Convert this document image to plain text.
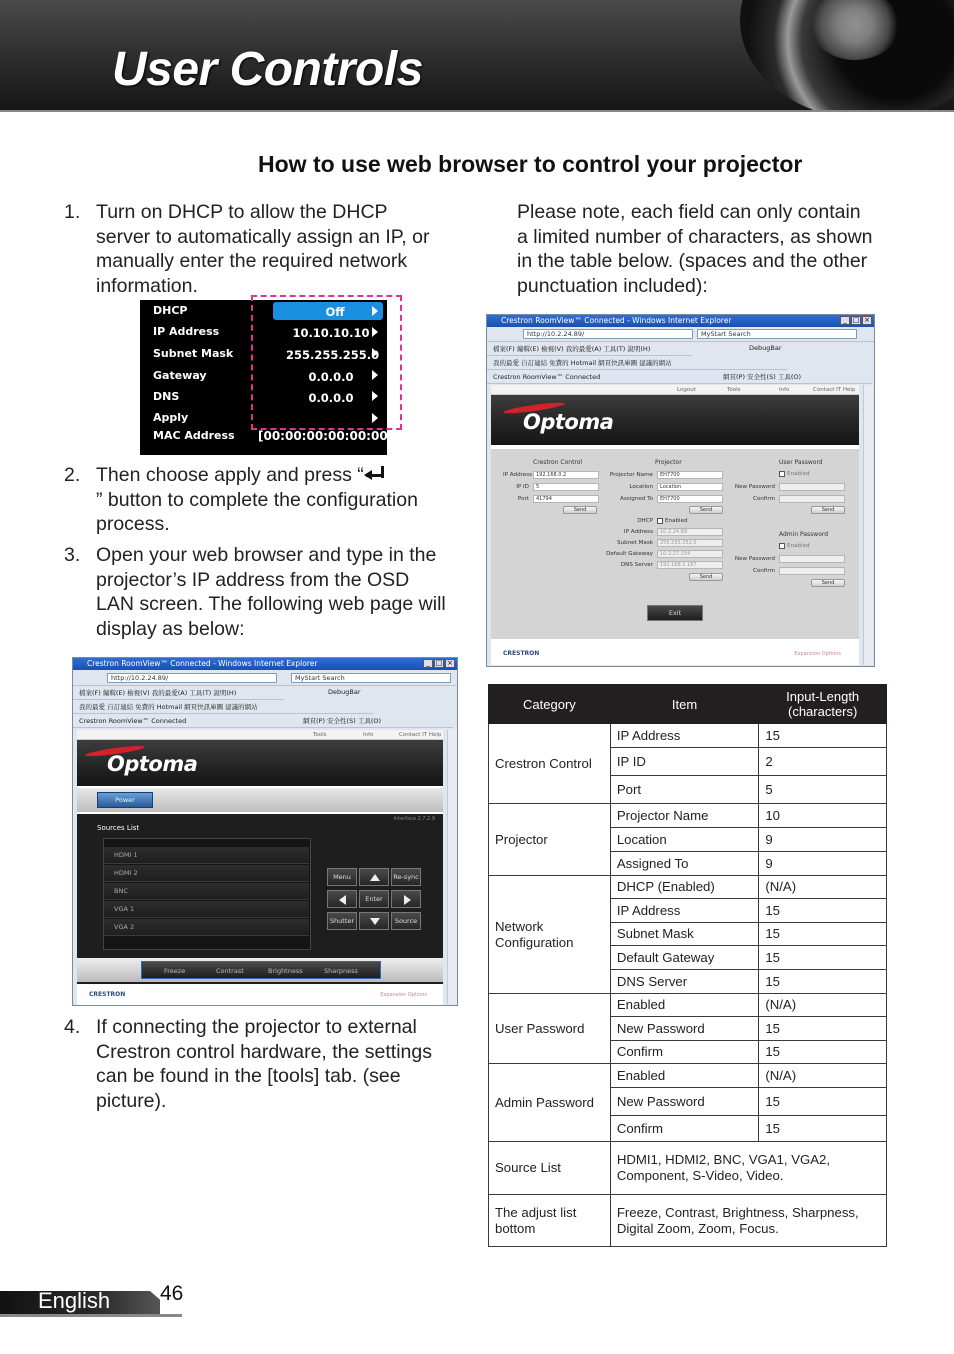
User Controls
How to use web browser to control your projector
1. Turn on DHCP to allow the DHCP
server to automatically assign an IP, or
manually enter the required network
information.
DHCP	Off
IP Address	10.10.10.10
Subnet Mask	255.255.255.0
Gateway	0.0.0.0
DNS	0.0.0.0
Apply
MAC Address [00:00:00:00:00:00]
2. Then choose apply and press “
” button to complete the configuration
process.
3. Open your web browser and type in the
projector’s IP address from the OSD
LAN screen. The following web page will
display as below:
Crestron RoomView™ Connected - Windows Internet Explorer	_ □ ×
http://10.2.24.89/	MyStart Search
檔案(F) 編輯(E) 檢視(V) 我的最愛(A) 工具(T) 說明(H)	DebugBar
我的最愛 自訂連結 免費的 Hotmail 網頁快訊庫圖 建議的網站
Crestron RoomView™ Connected	網頁(P) 安全性(S) 工具(O)
Tools	Info	Contact IT Help
Optoma
Power
Interface 2.7.2.9
Sources List
HDMI 1
HDMI 2
BNC
VGA 1
VGA 2
Menu	Re-sync
Enter
Shutter	Source
Freeze	Contrast	Brightness	Sharpness
CRESTRON	Expansion Options
4. If connecting the projector to external
Crestron control hardware, the settings
can be found in the [tools] tab. (see
picture).
Please note, each field can only contain
a limited number of characters, as shown
in the table below. (spaces and the other
punctuation included):
Crestron RoomView™ Connected - Windows Internet Explorer	_ □ ×
http://10.2.24.89/	MyStart Search
檔案(F) 編輯(E) 檢視(V) 我的最愛(A) 工具(T) 說明(H)	DebugBar
我的最愛 自訂連結 免費的 Hotmail 網頁快訊庫圖 建議的網站
Crestron RoomView™ Connected	網頁(P) 安全性(S) 工具(O)
Logout	Tools	Info	Contact IT Help
Optoma
Crestron Control
IP Address 192.168.0.2
IP ID	5
Port	41794
Send
Projector
Projector Name	EH7700
Location	Location
Assigned To	EH7700
Send
DHCP Enabled
IP Address	10.2.24.89
Subnet Mask	255.255.252.0
Default Gateway	10.2.27.254
DNS Server	192.168.1.167
Send
User Password
Enabled
New Password
Confirm
Send
Admin Password
Enabled
New Password
Confirm
Send
Exit
CRESTRON	Expansion Options
Category	Item	Input-Length (characters)
Crestron Control	IP Address	15
	IP ID	2
	Port	5
Projector	Projector Name	10
	Location	9
	Assigned To	9
Network Configuration	DHCP (Enabled)	(N/A)
	IP Address	15
	Subnet Mask	15
	Default Gateway	15
	DNS Server	15
User Password	Enabled	(N/A)
	New Password	15
	Confirm	15
Admin Password	Enabled	(N/A)
	New Password	15
	Confirm	15
Source List	HDMI1, HDMI2, BNC, VGA1, VGA2, Component, S-Video, Video.	
The adjust list bottom	Freeze, Contrast, Brightness, Sharpness, Digital Zoom, Zoom, Focus.	
English 46
